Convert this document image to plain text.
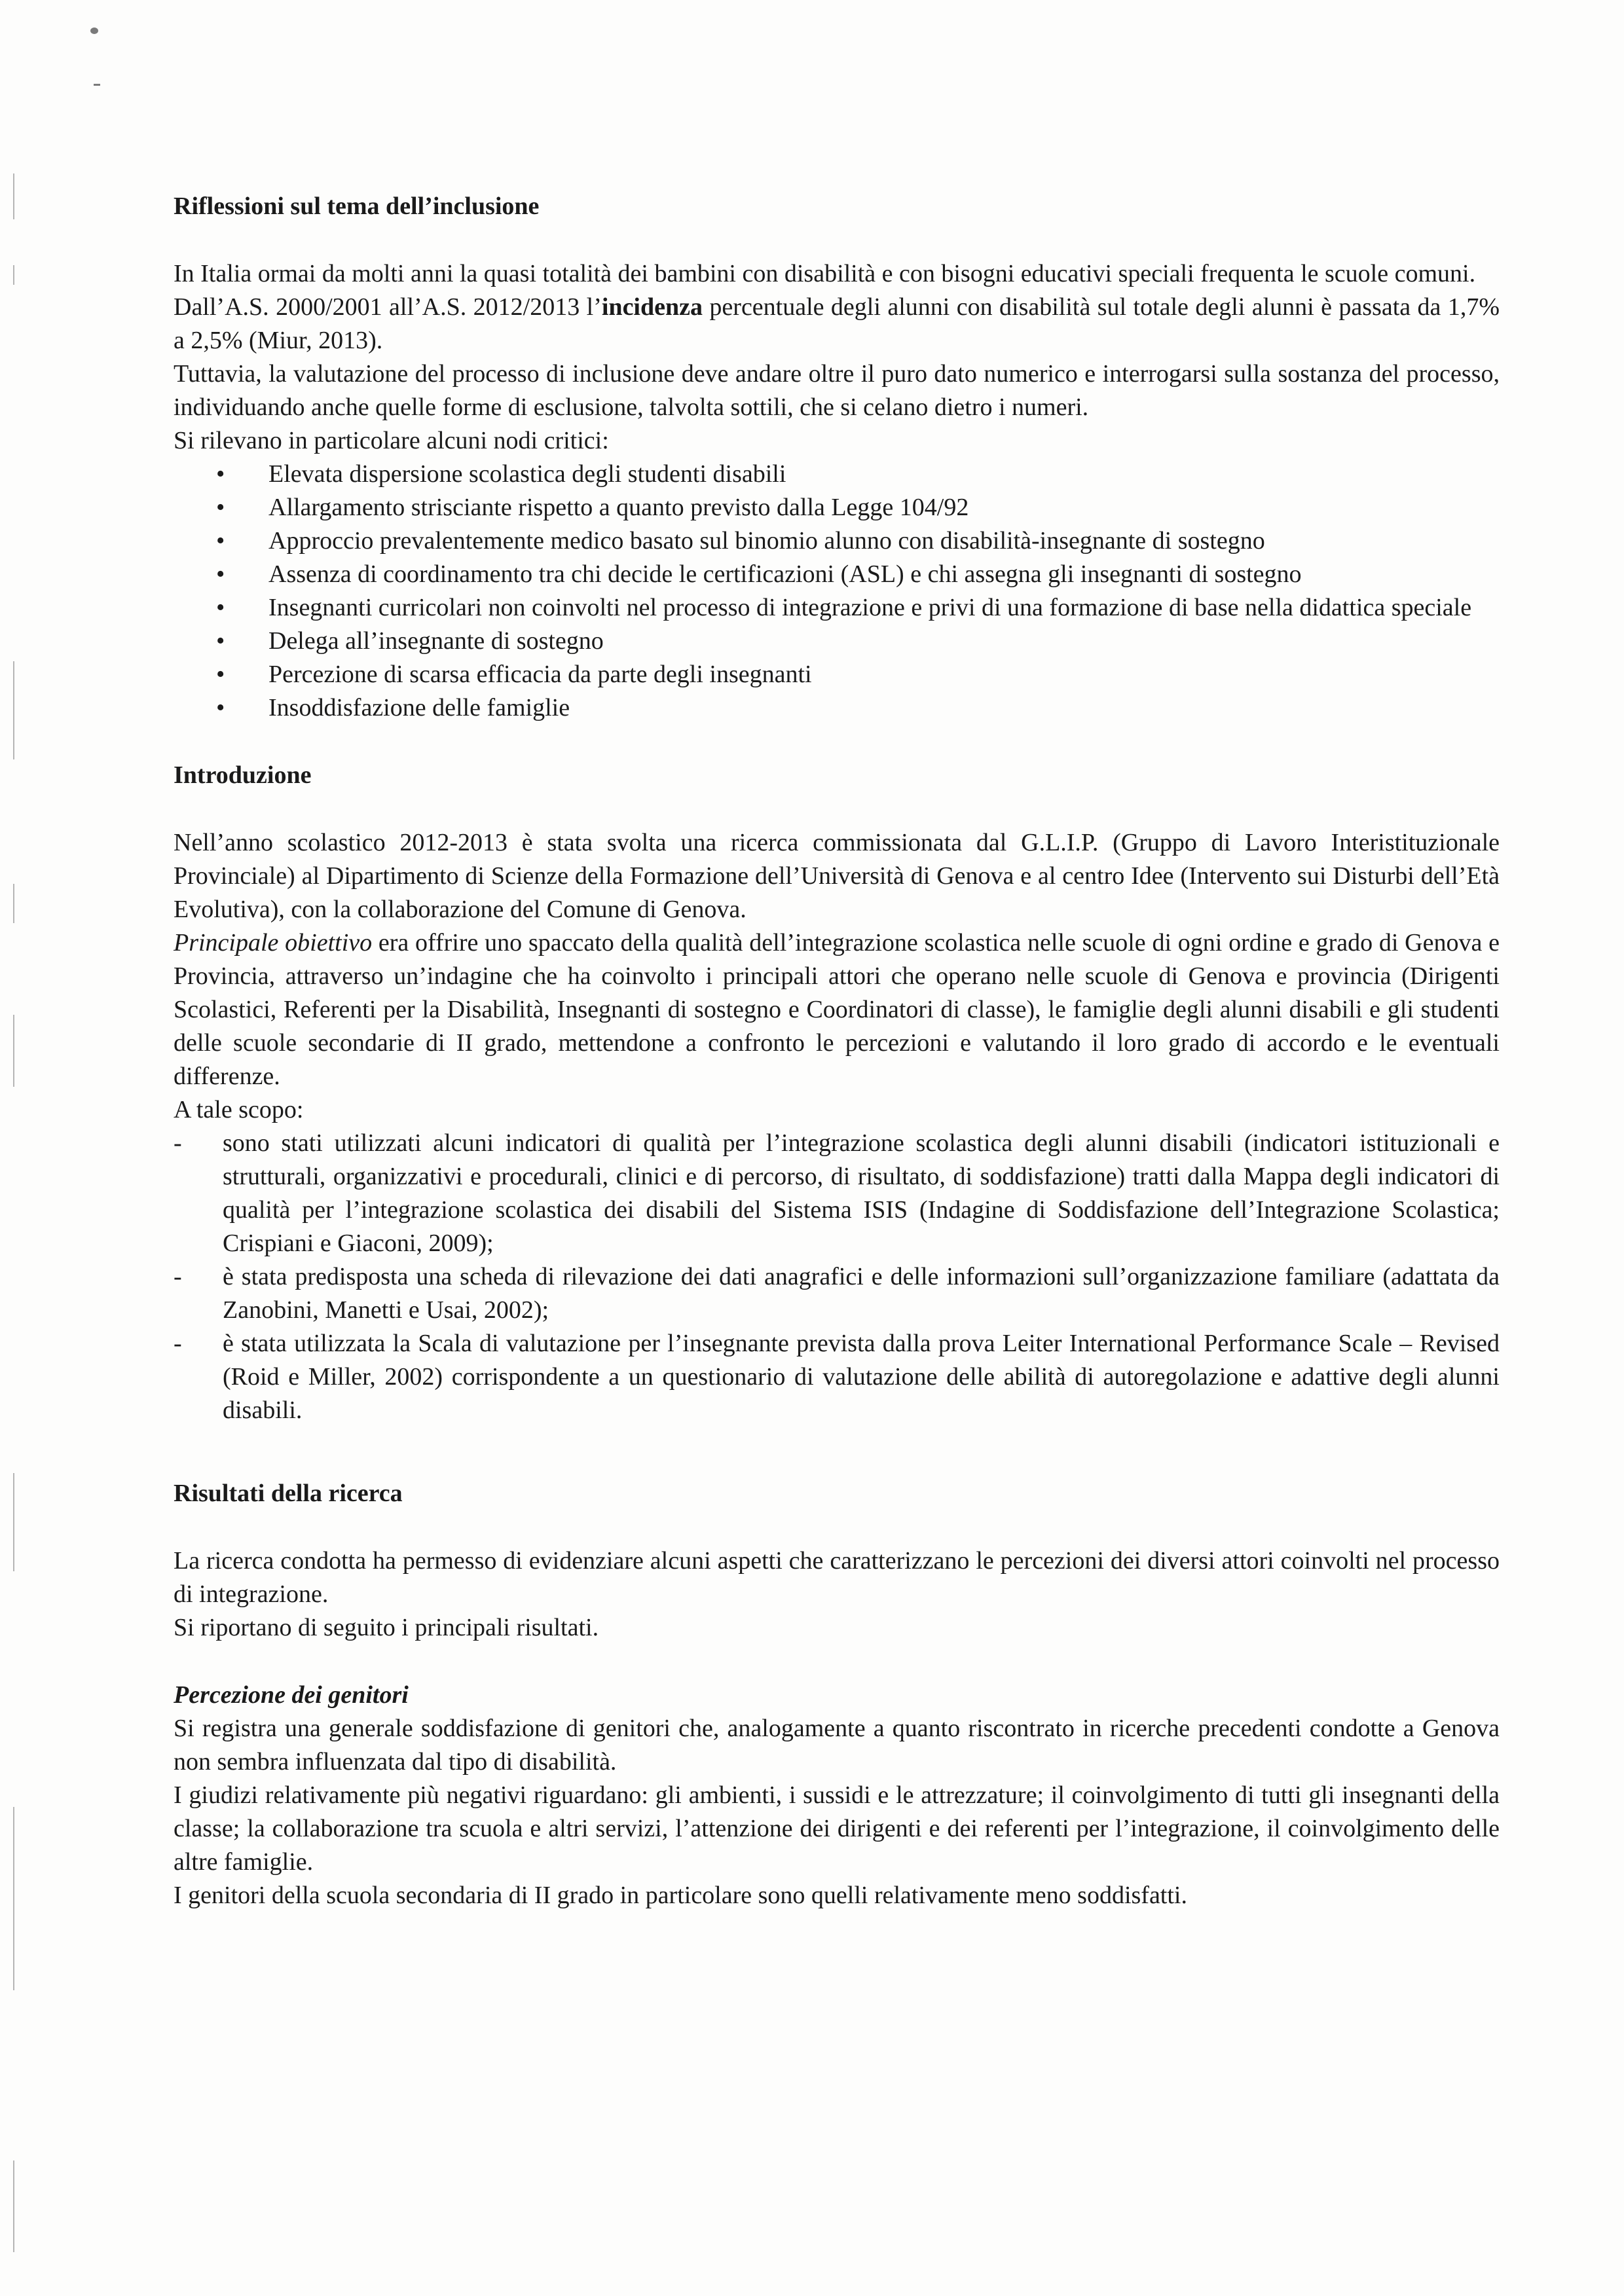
Riflessioni sul tema dell’inclusione

In Italia ormai da molti anni la quasi totalità dei bambini con disabilità e con bisogni educativi speciali frequenta le scuole comuni.

Dall’A.S. 2000/2001 all’A.S. 2012/2013 l’incidenza percentuale degli alunni con disabilità sul totale degli alunni è passata da 1,7% a 2,5% (Miur, 2013).

Tuttavia, la valutazione del processo di inclusione deve andare oltre il puro dato numerico e interrogarsi sulla sostanza del processo, individuando anche quelle forme di esclusione, talvolta sottili, che si celano dietro i numeri.

Si rilevano in particolare alcuni nodi critici:

• Elevata dispersione scolastica degli studenti disabili
• Allargamento strisciante rispetto a quanto previsto dalla Legge 104/92
• Approccio prevalentemente medico basato sul binomio alunno con disabilità-insegnante di sostegno
• Assenza di coordinamento tra chi decide le certificazioni (ASL) e chi assegna gli insegnanti di sostegno
• Insegnanti curricolari non coinvolti nel processo di integrazione e privi di una formazione di base nella didattica speciale
• Delega all’insegnante di sostegno
• Percezione di scarsa efficacia da parte degli insegnanti
• Insoddisfazione delle famiglie
Introduzione

Nell’anno scolastico 2012-2013 è stata svolta una ricerca commissionata dal G.L.I.P. (Gruppo di Lavoro Interistituzionale Provinciale) al Dipartimento di Scienze della Formazione dell’Università di Genova e al centro Idee (Intervento sui Disturbi dell’Età Evolutiva), con la collaborazione del Comune di Genova.

Principale obiettivo era offrire uno spaccato della qualità dell’integrazione scolastica nelle scuole di ogni ordine e grado di Genova e Provincia, attraverso un’indagine che ha coinvolto i principali attori che operano nelle scuole di Genova e provincia (Dirigenti Scolastici, Referenti per la Disabilità, Insegnanti di sostegno e Coordinatori di classe), le famiglie degli alunni disabili e gli studenti delle scuole secondarie di II grado, mettendone a confronto le percezioni e valutando il loro grado di accordo e le eventuali differenze.

A tale scopo:

- sono stati utilizzati alcuni indicatori di qualità per l’integrazione scolastica degli alunni disabili (indicatori istituzionali e strutturali, organizzativi e procedurali, clinici e di percorso, di risultato, di soddisfazione) tratti dalla Mappa degli indicatori di qualità per l’integrazione scolastica dei disabili del Sistema ISIS (Indagine di Soddisfazione dell’Integrazione Scolastica; Crispiani e Giaconi, 2009);
- è stata predisposta una scheda di rilevazione dei dati anagrafici e delle informazioni sull’organizzazione familiare (adattata da Zanobini, Manetti e Usai, 2002);
- è stata utilizzata la Scala di valutazione per l’insegnante prevista dalla prova Leiter International Performance Scale – Revised (Roid e Miller, 2002) corrispondente a un questionario di valutazione delle abilità di autoregolazione e adattive degli alunni disabili.
Risultati della ricerca

La ricerca condotta ha permesso di evidenziare alcuni aspetti che caratterizzano le percezioni dei diversi attori coinvolti nel processo di integrazione.

Si riportano di seguito i principali risultati.

Percezione dei genitori

Si registra una generale soddisfazione di genitori che, analogamente a quanto riscontrato in ricerche precedenti condotte a Genova non sembra influenzata dal tipo di disabilità.

I giudizi relativamente più negativi riguardano: gli ambienti, i sussidi e le attrezzature; il coinvolgimento di tutti gli insegnanti della classe; la collaborazione tra scuola e altri servizi, l’attenzione dei dirigenti e dei referenti per l’integrazione, il coinvolgimento delle altre famiglie.

I genitori della scuola secondaria di II grado in particolare sono quelli relativamente meno soddisfatti.
